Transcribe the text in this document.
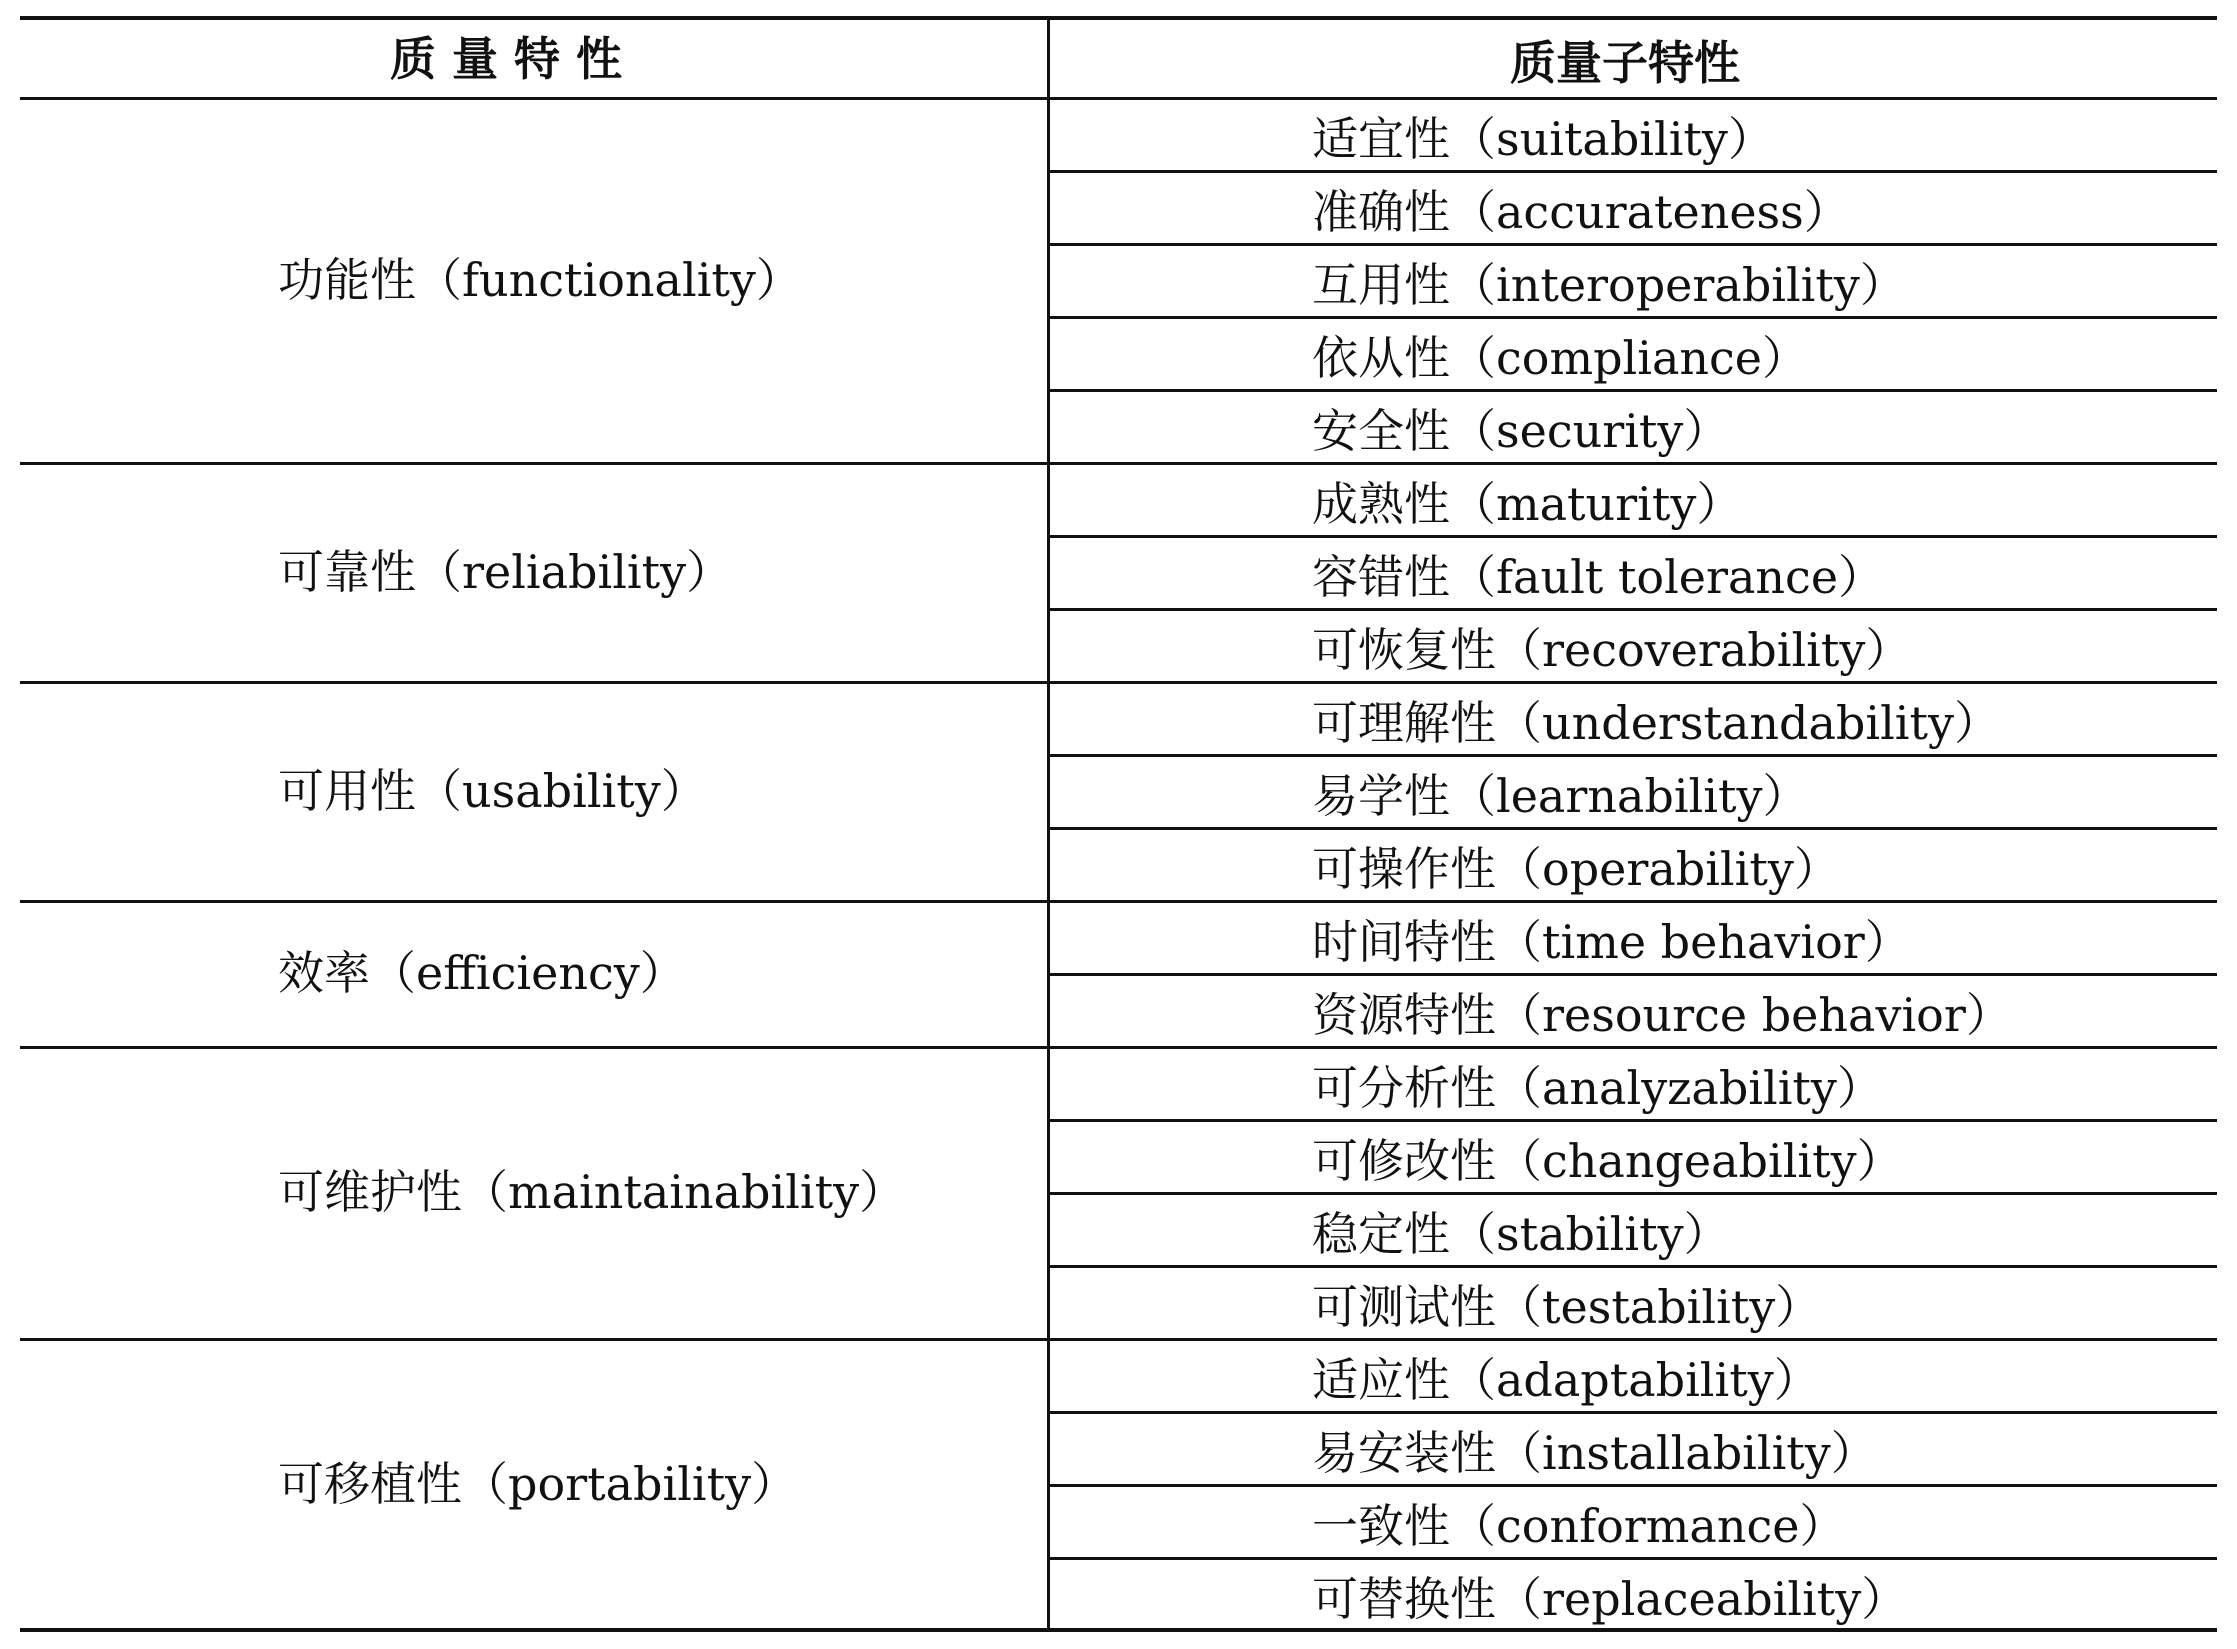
质 量 特 性	质量子特性
功能性（functionality）
适宜性（suitability）
准确性（accurateness）
互用性（interoperability）
依从性（compliance）
安全性（security）
可靠性（reliability）
成熟性（maturity）
容错性（fault tolerance）
可恢复性（recoverability）
可用性（usability）
可理解性（understandability）
易学性（learnability）
可操作性（operability）
效率（efficiency）
时间特性（time behavior）
资源特性（resource behavior）
可维护性（maintainability）
可分析性（analyzability）
可修改性（changeability）
稳定性（stability）
可测试性（testability）
可移植性（portability）
适应性（adaptability）
易安装性（installability）
一致性（conformance）
可替换性（replaceability）
